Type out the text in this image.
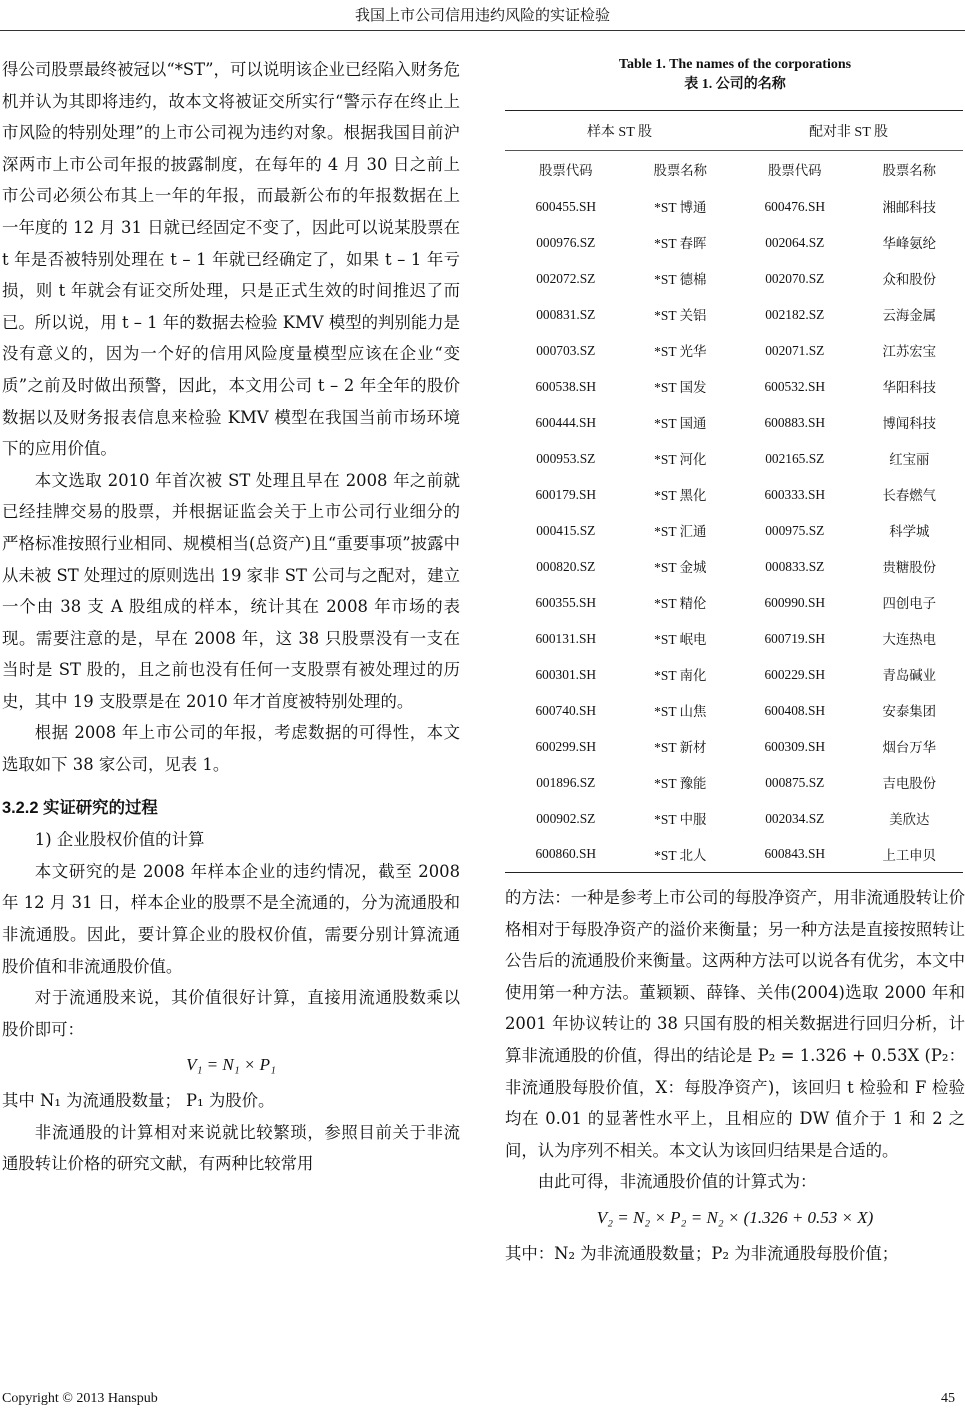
我国上市公司信用违约风险的实证检验

得公司股票最终被冠以“*ST”，可以说明该企业已经陷入财务危机并认为其即将违约，故本文将被证交所实行“警示存在终止上市风险的特别处理”的上市公司视为违约对象。根据我国目前沪深两市上市公司年报的披露制度，在每年的 4 月 30 日之前上市公司必须公布其上一年的年报，而最新公布的年报数据在上一年度的 12 月 31 日就已经固定不变了，因此可以说某股票在 t 年是否被特别处理在 t – 1 年就已经确定了，如果 t – 1 年亏损，则 t 年就会有证交所处理，只是正式生效的时间推迟了而已。所以说，用 t – 1 年的数据去检验 KMV 模型的判别能力是没有意义的，因为一个好的信用风险度量模型应该在企业“变质”之前及时做出预警，因此，本文用公司 t – 2 年全年的股价数据以及财务报表信息来检验 KMV 模型在我国当前市场环境下的应用价值。

本文选取 2010 年首次被 ST 处理且早在 2008 年之前就已经挂牌交易的股票，并根据证监会关于上市公司行业细分的严格标准按照行业相同、规模相当(总资产)且“重要事项”披露中从未被 ST 处理过的原则选出 19 家非 ST 公司与之配对，建立一个由 38 支 A 股组成的样本，统计其在 2008 年市场的表现。需要注意的是，早在 2008 年，这 38 只股票没有一支在当时是 ST 股的，且之前也没有任何一支股票有被处理过的历史，其中 19 支股票是在 2010 年才首度被特别处理的。

根据 2008 年上市公司的年报，考虑数据的可得性，本文选取如下 38 家公司，见表 1。

3.2.2 实证研究的过程

1) 企业股权价值的计算

本文研究的是 2008 年样本企业的违约情况，截至 2008 年 12 月 31 日，样本企业的股票不是全流通的，分为流通股和非流通股。因此，要计算企业的股权价值，需要分别计算流通股价值和非流通股价值。

对于流通股来说，其价值很好计算，直接用流通股数乘以股价即可：

V₁ = N₁ × P₁

其中 N₁ 为流通股数量； P₁ 为股价。

非流通股的计算相对来说就比较繁琐，参照目前关于非流通股转让价格的研究文献，有两种比较常用

Table 1. The names of the corporations
表 1. 公司的名称
样本 ST 股		配对非 ST 股	
股票代码	股票名称	股票代码	股票名称
600455.SH	*ST 博通	600476.SH	湘邮科技
000976.SZ	*ST 春晖	002064.SZ	华峰氨纶
002072.SZ	*ST 德棉	002070.SZ	众和股份
000831.SZ	*ST 关铝	002182.SZ	云海金属
000703.SZ	*ST 光华	002071.SZ	江苏宏宝
600538.SH	*ST 国发	600532.SH	华阳科技
600444.SH	*ST 国通	600883.SH	博闻科技
000953.SZ	*ST 河化	002165.SZ	红宝丽
600179.SH	*ST 黑化	600333.SH	长春燃气
000415.SZ	*ST 汇通	000975.SZ	科学城
000820.SZ	*ST 金城	000833.SZ	贵糖股份
600355.SH	*ST 精伦	600990.SH	四创电子
600131.SH	*ST 岷电	600719.SH	大连热电
600301.SH	*ST 南化	600229.SH	青岛碱业
600740.SH	*ST 山焦	600408.SH	安泰集团
600299.SH	*ST 新材	600309.SH	烟台万华
001896.SZ	*ST 豫能	000875.SZ	吉电股份
000902.SZ	*ST 中服	002034.SZ	美欣达
600860.SH	*ST 北人	600843.SH	上工申贝

的方法：一种是参考上市公司的每股净资产，用非流通股转让价格相对于每股净资产的溢价来衡量；另一种方法是直接按照转让公告后的流通股价来衡量。这两种方法可以说各有优劣，本文中使用第一种方法。董颖颖、薛锋、关伟(2004)选取 2000 年和 2001 年协议转让的 38 只国有股的相关数据进行回归分析，计算非流通股的价值，得出的结论是 P₂ = 1.326 + 0.53X (P₂：非流通股每股价值，X：每股净资产)，该回归 t 检验和 F 检验均在 0.01 的显著性水平上，且相应的 DW 值介于 1 和 2 之间，认为序列不相关。本文认为该回归结果是合适的。

由此可得，非流通股价值的计算式为：

V₂ = N₂ × P₂ = N₂ × (1.326 + 0.53 × X)

其中：N₂ 为非流通股数量；P₂ 为非流通股每股价值；

Copyright © 2013 Hanspub	45
